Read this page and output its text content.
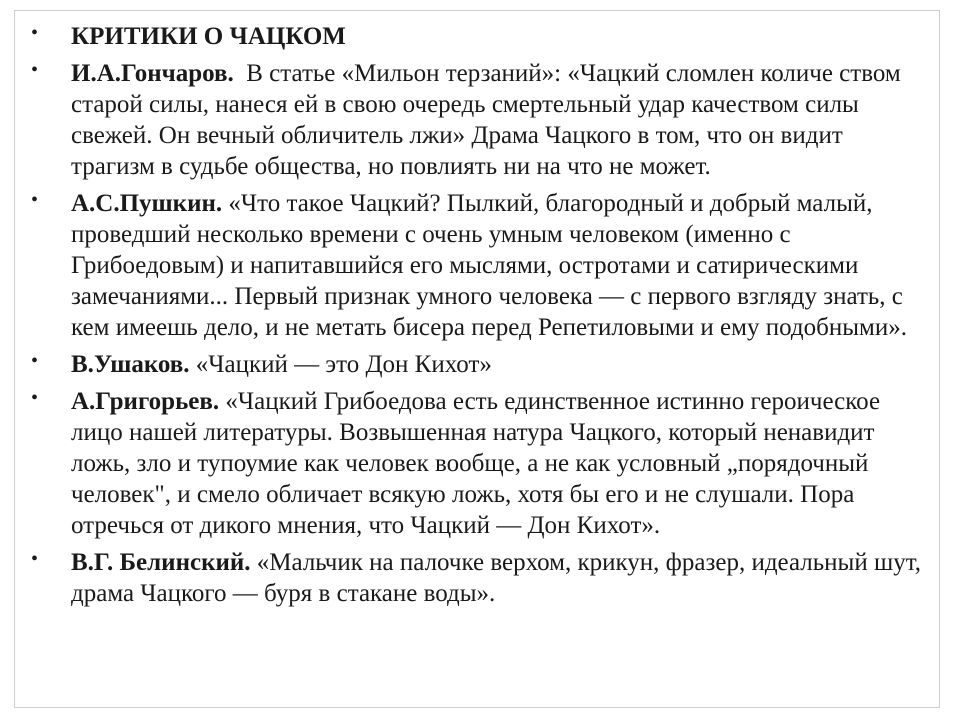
• КРИТИКИ О ЧАЦКОМ
• И.А.Гончаров.  В статье «Мильон терзаний»: «Чацкий сломлен количе ством старой силы, нанеся ей в свою очередь смертельный удар качеством силы свежей. Он вечный обличитель лжи» Драма Чацкого в том, что он видит трагизм в судьбе общества, но повлиять ни на что не может.
• А.С.Пушкин. «Что такое Чацкий? Пылкий, благородный и добрый малый, проведший несколько времени с очень умным человеком (именно с Грибоедовым) и напитавшийся его мыслями, остротами и сатирическими замечаниями... Первый признак умного человека — с первого взгляду знать, с кем имеешь дело, и не метать бисера перед Репетиловыми и ему подобными».
• В.Ушаков. «Чацкий — это Дон Кихот»
• А.Григорьев. «Чацкий Грибоедова есть единственное истинно героическое лицо нашей литературы. Возвышенная натура Чацкого, который ненавидит ложь, зло и тупоумие как человек вообще, а не как условный „порядочный человек", и смело обличает всякую ложь, хотя бы его и не слушали. Пора отречься от дикого мнения, что Чацкий — Дон Кихот».
• В.Г. Белинский. «Мальчик на палочке верхом, крикун, фразер, идеальный шут, драма Чацкого — буря в стакане воды».
